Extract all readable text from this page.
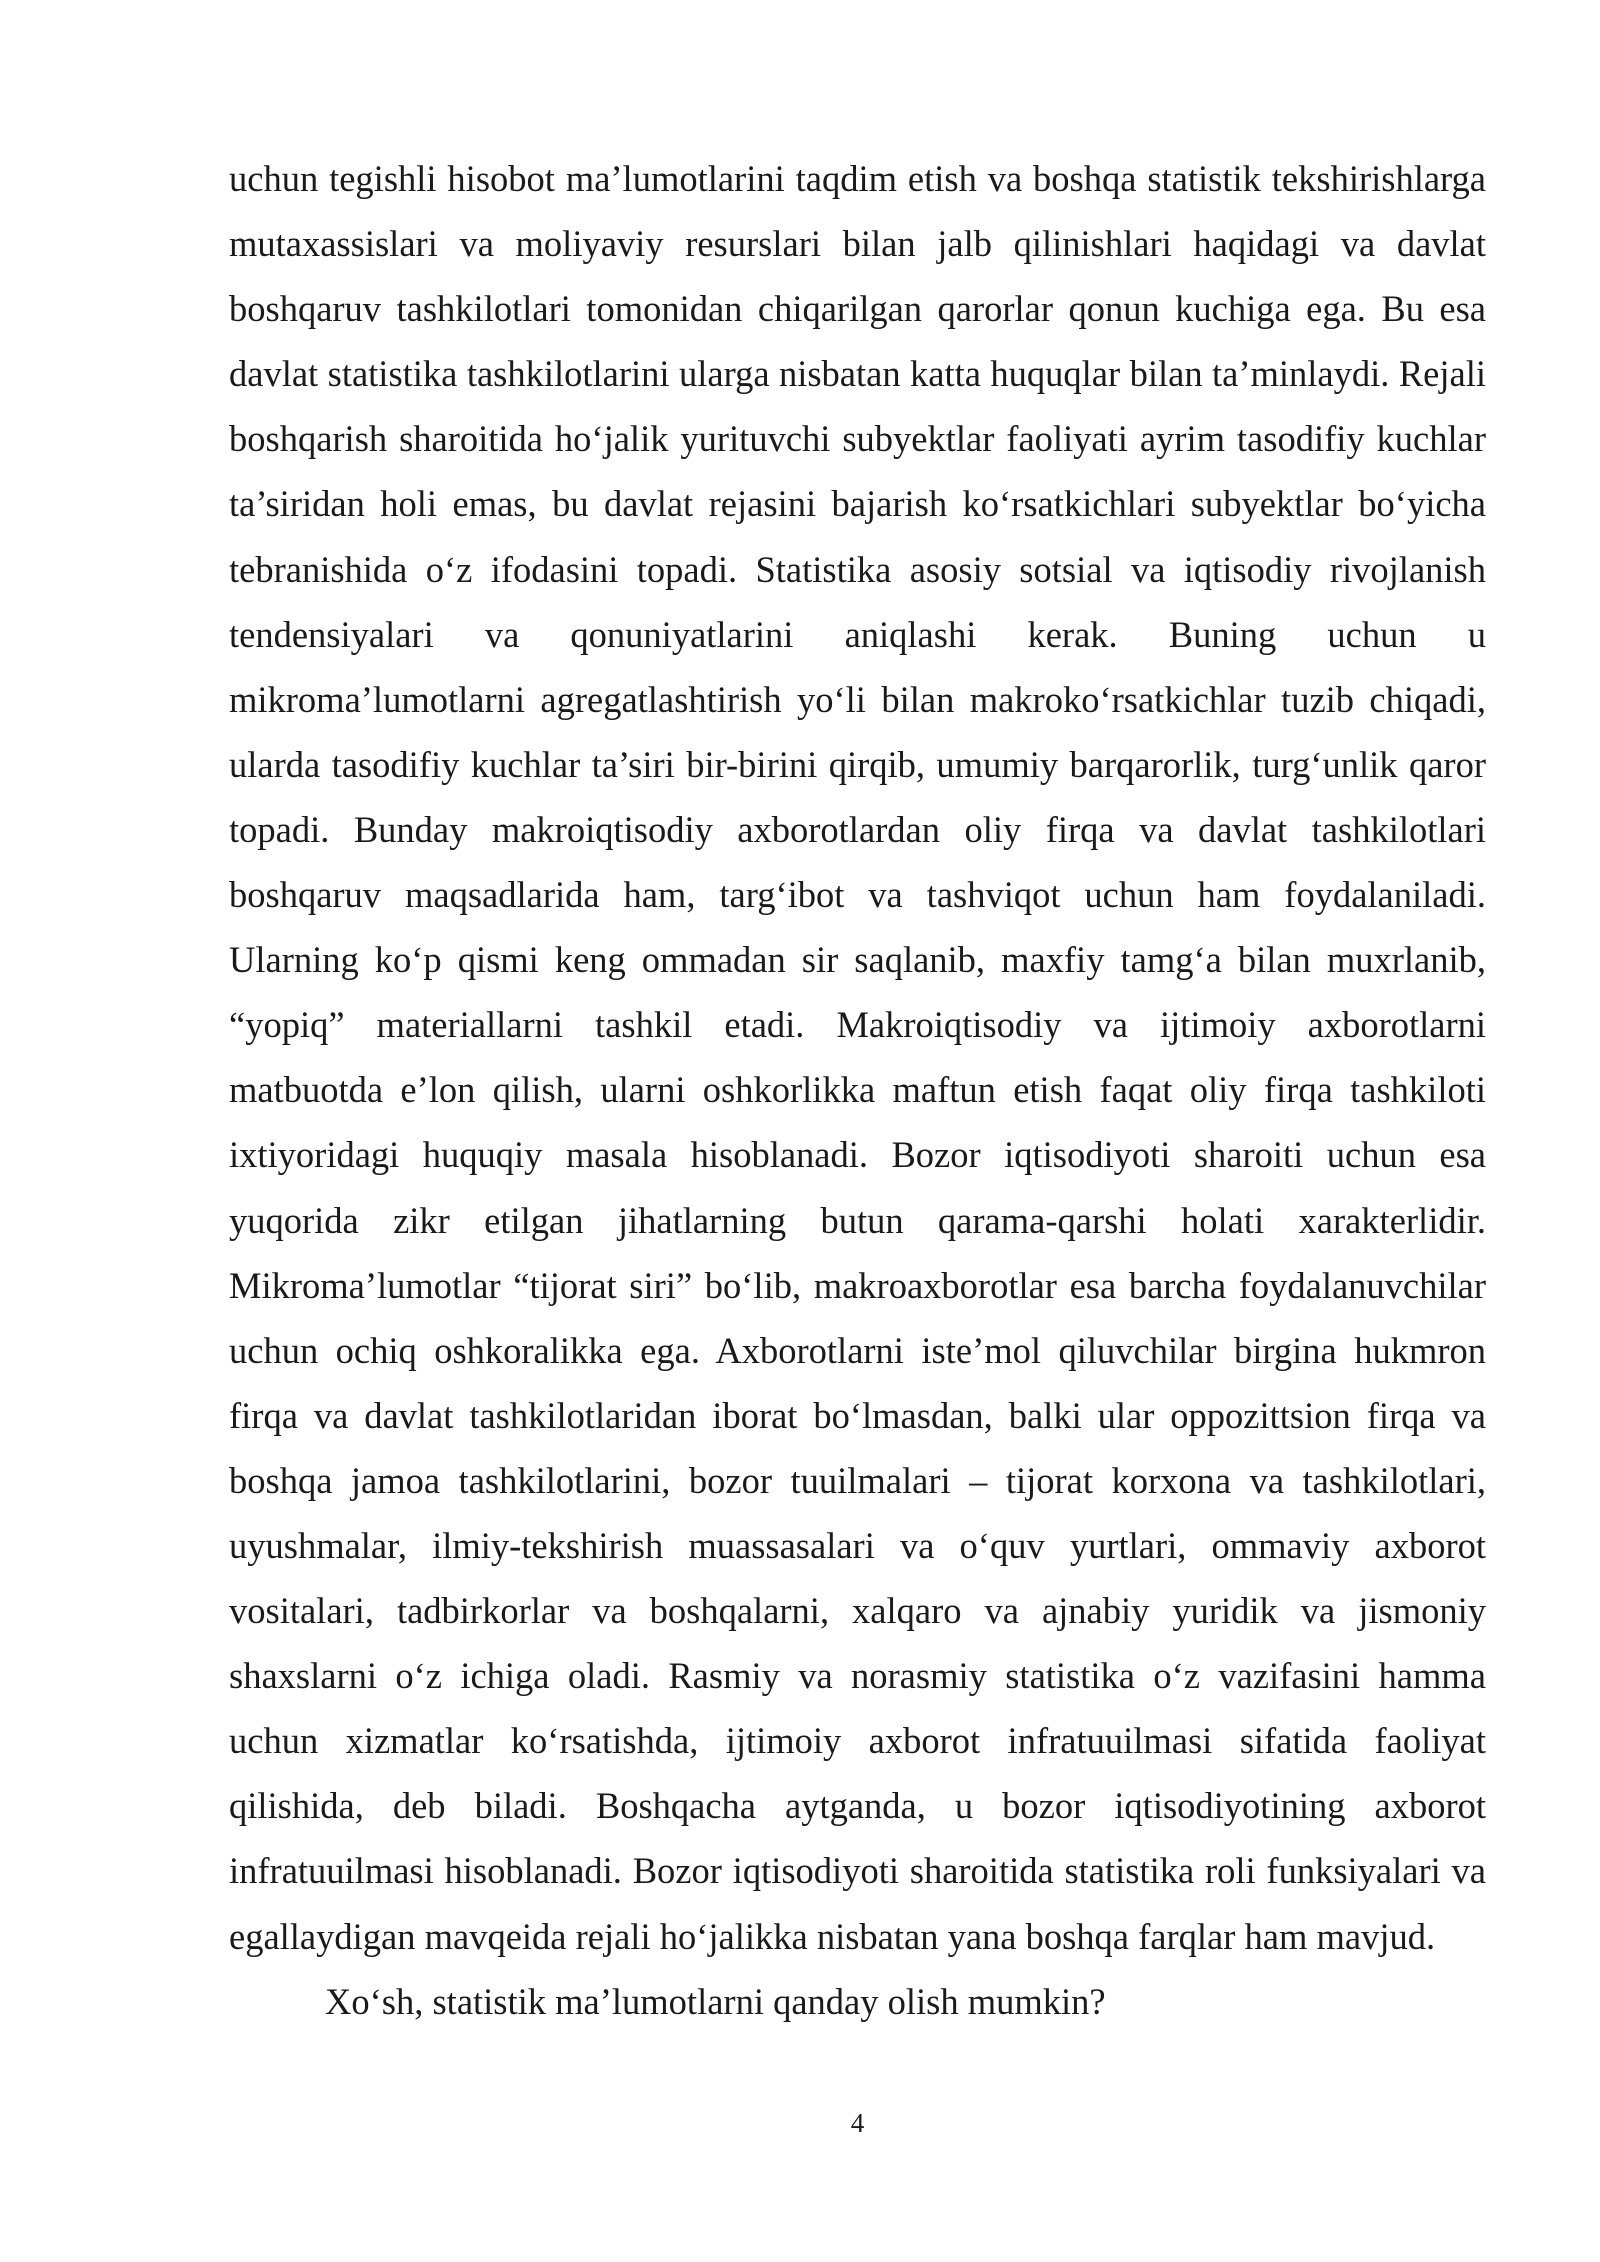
uchun tegishli hisobot ma’lumotlarini taqdim etish va boshqa statistik tekshirishlarga mutaxassislari va moliyaviy resurslari bilan jalb qilinishlari haqidagi va davlat boshqaruv tashkilotlari tomonidan chiqarilgan qarorlar qonun kuchiga ega. Bu esa davlat statistika tashkilotlarini ularga nisbatan katta huquqlar bilan ta’minlaydi. Rejali boshqarish sharoitida ho‘jalik yurituvchi subyektlar faoliyati ayrim tasodifiy kuchlar ta’siridan holi emas, bu davlat rejasini bajarish ko‘rsatkichlari subyektlar bo‘yicha tebranishida o‘z ifodasini topadi. Statistika asosiy sotsial va iqtisodiy rivojlanish tendensiyalari va qonuniyatlarini aniqlashi kerak. Buning uchun u mikroma’lumotlarni agregatlashtirish yo‘li bilan makroko‘rsatkichlar tuzib chiqadi, ularda tasodifiy kuchlar ta’siri bir-birini qirqib, umumiy barqarorlik, turg‘unlik qaror topadi. Bunday makroiqtisodiy axborotlardan oliy firqa va davlat tashkilotlari boshqaruv maqsadlarida ham, targ‘ibot va tashviqot uchun ham foydalaniladi. Ularning ko‘p qismi keng ommadan sir saqlanib, maxfiy tamg‘a bilan muxrlanib, “yopiq” materiallarni tashkil etadi. Makroiqtisodiy va ijtimoiy axborotlarni matbuotda e’lon qilish, ularni oshkorlikka maftun etish faqat oliy firqa tashkiloti ixtiyoridagi huquqiy masala hisoblanadi. Bozor iqtisodiyoti sharoiti uchun esa yuqorida zikr etilgan jihatlarning butun qarama-qarshi holati xarakterlidir. Mikroma’lumotlar “tijorat siri” bo‘lib, makroaxborotlar esa barcha foydalanuvchilar uchun ochiq oshkoralikka ega. Axborotlarni iste’mol qiluvchilar birgina hukmron firqa va davlat tashkilotlaridan iborat bo‘lmasdan, balki ular oppozittsion firqa va boshqa jamoa tashkilotlarini, bozor tuuilmalari – tijorat korxona va tashkilotlari, uyushmalar, ilmiy-tekshirish muassasalari va o‘quv yurtlari, ommaviy axborot vositalari, tadbirkorlar va boshqalarni, xalqaro va ajnabiy yuridik va jismoniy shaxslarni o‘z ichiga oladi. Rasmiy va norasmiy statistika o‘z vazifasini hamma uchun xizmatlar ko‘rsatishda, ijtimoiy axborot infratuuilmasi sifatida faoliyat qilishida, deb biladi. Boshqacha aytganda, u bozor iqtisodiyotining axborot infratuuilmasi hisoblanadi. Bozor iqtisodiyoti sharoitida statistika roli funksiyalari va egallaydigan mavqeida rejali ho‘jalikka nisbatan yana boshqa farqlar ham mavjud.

Xo‘sh, statistik ma’lumotlarni qanday olish mumkin?

4
